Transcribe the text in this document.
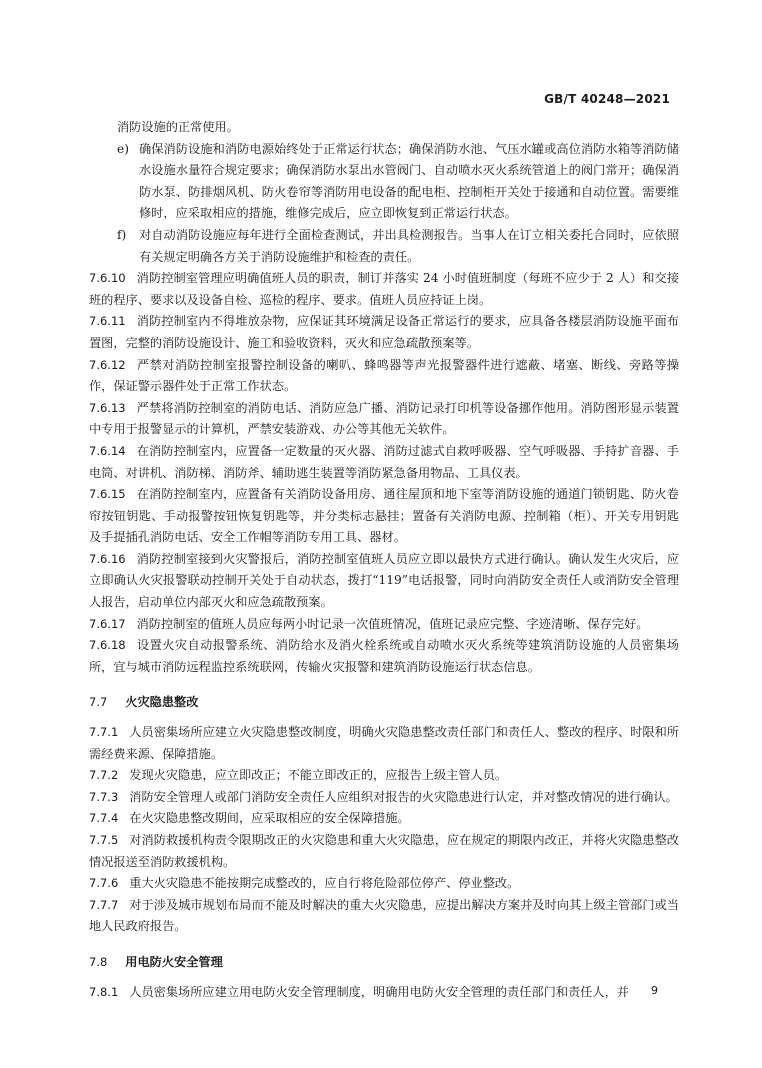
GB/T 40248—2021
消防设施的正常使用。
e) 确保消防设施和消防电源始终处于正常运行状态；确保消防水池、气压水罐或高位消防水箱等消防储水设施水量符合规定要求；确保消防水泵出水管阀门、自动喷水灭火系统管道上的阀门常开；确保消防水泵、防排烟风机、防火卷帘等消防用电设备的配电柜、控制柜开关处于接通和自动位置。需要维修时，应采取相应的措施，维修完成后，应立即恢复到正常运行状态。
f)	对自动消防设施应每年进行全面检查测试，并出具检测报告。当事人在订立相关委托合同时，应依照有关规定明确各方关于消防设施维护和检查的责任。
7.6.10 消防控制室管理应明确值班人员的职责，制订并落实 24 小时值班制度（每班不应少于 2 人）和交接班的程序、要求以及设备自检、巡检的程序、要求。值班人员应持证上岗。
7.6.11 消防控制室内不得堆放杂物，应保证其环境满足设备正常运行的要求，应具备各楼层消防设施平面布置图，完整的消防设施设计、施工和验收资料，灭火和应急疏散预案等。
7.6.12 严禁对消防控制室报警控制设备的喇叭、蜂鸣器等声光报警器件进行遮蔽、堵塞、断线、旁路等操作，保证警示器件处于正常工作状态。
7.6.13 严禁将消防控制室的消防电话、消防应急广播、消防记录打印机等设备挪作他用。消防图形显示装置中专用于报警显示的计算机，严禁安装游戏、办公等其他无关软件。
7.6.14 在消防控制室内，应置备一定数量的灭火器、消防过滤式自救呼吸器、空气呼吸器、手持扩音器、手电筒、对讲机、消防梯、消防斧、辅助逃生装置等消防紧急备用物品、工具仪表。
7.6.15 在消防控制室内，应置备有关消防设备用房、通往屋顶和地下室等消防设施的通道门锁钥匙、防火卷帘按钮钥匙、手动报警按钮恢复钥匙等，并分类标志悬挂；置备有关消防电源、控制箱（柜）、开关专用钥匙及手提插孔消防电话、安全工作帽等消防专用工具、器材。
7.6.16 消防控制室接到火灾警报后，消防控制室值班人员应立即以最快方式进行确认。确认发生火灾后，应立即确认火灾报警联动控制开关处于自动状态，拨打“119”电话报警，同时向消防安全责任人或消防安全管理人报告，启动单位内部灭火和应急疏散预案。
7.6.17 消防控制室的值班人员应每两小时记录一次值班情况，值班记录应完整、字迹清晰、保存完好。
7.6.18 设置火灾自动报警系统、消防给水及消火栓系统或自动喷水灭火系统等建筑消防设施的人员密集场所，宜与城市消防远程监控系统联网，传输火灾报警和建筑消防设施运行状态信息。
7.7 火灾隐患整改
7.7.1 人员密集场所应建立火灾隐患整改制度，明确火灾隐患整改责任部门和责任人、整改的程序、时限和所需经费来源、保障措施。
7.7.2 发现火灾隐患，应立即改正；不能立即改正的，应报告上级主管人员。
7.7.3 消防安全管理人或部门消防安全责任人应组织对报告的火灾隐患进行认定，并对整改情况的进行确认。
7.7.4 在火灾隐患整改期间，应采取相应的安全保障措施。
7.7.5 对消防救援机构责令限期改正的火灾隐患和重大火灾隐患，应在规定的期限内改正，并将火灾隐患整改情况报送至消防救援机构。
7.7.6 重大火灾隐患不能按期完成整改的，应自行将危险部位停产、停业整改。
7.7.7 对于涉及城市规划布局而不能及时解决的重大火灾隐患，应提出解决方案并及时向其上级主管部门或当地人民政府报告。
7.8 用电防火安全管理
7.8.1 人员密集场所应建立用电防火安全管理制度，明确用电防火安全管理的责任部门和责任人，并	9
